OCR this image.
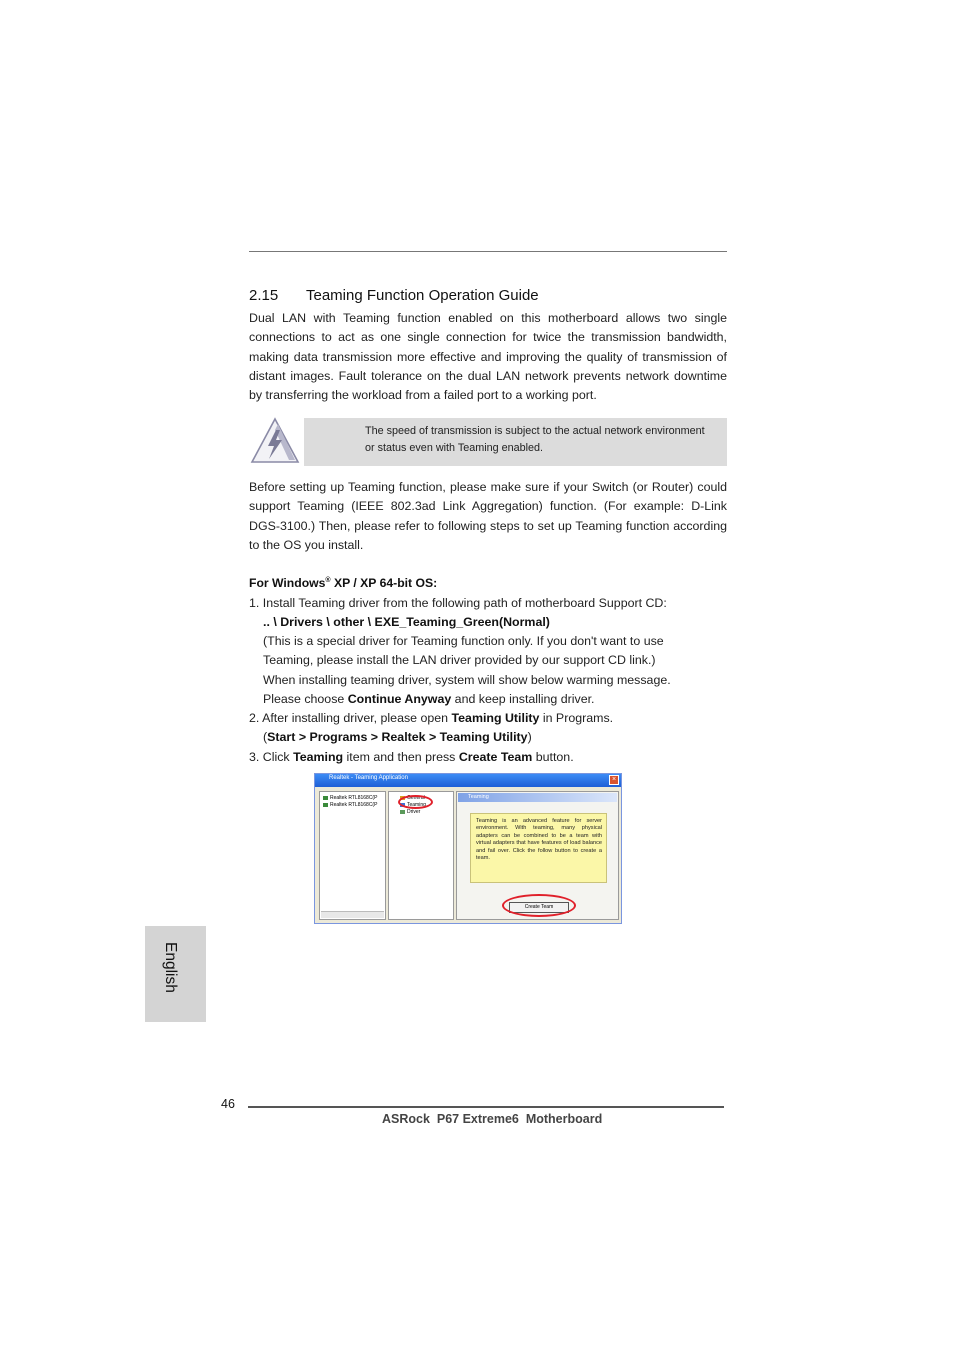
2.15 Teaming Function Operation Guide

Dual LAN with Teaming function enabled on this motherboard allows two single connections to act as one single connection for twice the transmission bandwidth, making data transmission more effective and improving the quality of transmission of distant images. Fault tolerance on the dual LAN network prevents network downtime by transferring the workload from a failed port to a working port.

The speed of transmission is subject to the actual network environment
or status even with Teaming enabled.

Before setting up Teaming function, please make sure if your Switch (or Router) could support Teaming (IEEE 802.3ad Link Aggregation) function. (For example: D-Link DGS-3100.) Then, please refer to following steps to set up Teaming function according to the OS you install.

For Windows® XP / XP 64-bit OS:
1. Install Teaming driver from the following path of motherboard Support CD:
.. \ Drivers \ other \ EXE_Teaming_Green(Normal)
(This is a special driver for Teaming function only. If you don't want to use
Teaming, please install the LAN driver provided by our support CD link.)
When installing teaming driver, system will show below warming message.
Please choose Continue Anyway and keep installing driver.
2. After installing driver, please open Teaming Utility in Programs.
(Start > Programs > Realtek > Teaming Utility)
3. Click Teaming item and then press Create Team button.
Realtek - Teaming Application	×
Realtek RTL8168C(P
Realtek RTL8168C(P
General
Teaming
Driver
Teaming
Teaming is an advanced feature for server environment. With teaming, many physical adapters can be combined to be a team with virtual adapters that have features of load balance and fail over. Click the follow button to create a team.
Create Team
English
46
ASRock  P67 Extreme6  Motherboard
